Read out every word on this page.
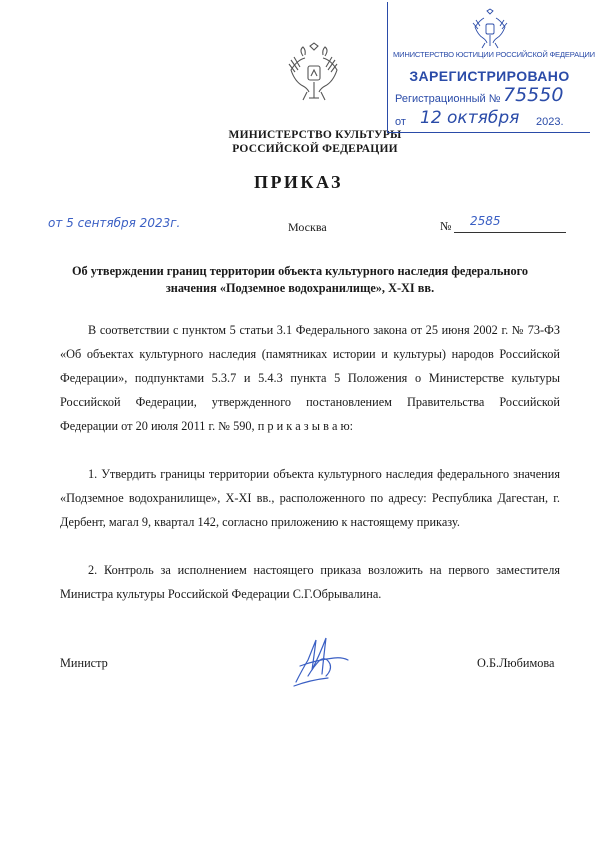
МИНИСТЕРСТВО КУЛЬТУРЫ
РОССИЙСКОЙ ФЕДЕРАЦИИ
МИНИСТЕРСТВО ЮСТИЦИИ РОССИЙСКОЙ ФЕДЕРАЦИИ
ЗАРЕГИСТРИРОВАНО
Регистрационный № 75550
от 12 октября 2023.
ПРИКАЗ
от 5 сентября 2023г.	Москва	№ 2585
Об утверждении границ территории объекта культурного наследия федерального значения «Подземное водохранилище», X-XI вв.
В соответствии с пунктом 5 статьи 3.1 Федерального закона от 25 июня 2002 г. № 73-ФЗ «Об объектах культурного наследия (памятниках истории и культуры) народов Российской Федерации», подпунктами 5.3.7 и 5.4.3 пункта 5 Положения о Министерстве культуры Российской Федерации, утвержденного постановлением Правительства Российской Федерации от 20 июля 2011 г. № 590, п р и к а з ы в а ю:
1. Утвердить границы территории объекта культурного наследия федерального значения «Подземное водохранилище», X-XI вв., расположенного по адресу: Республика Дагестан, г. Дербент, магал 9, квартал 142, согласно приложению к настоящему приказу.
2. Контроль за исполнением настоящего приказа возложить на первого заместителя Министра культуры Российской Федерации С.Г.Обрывалина.
Министр	О.Б.Любимова
